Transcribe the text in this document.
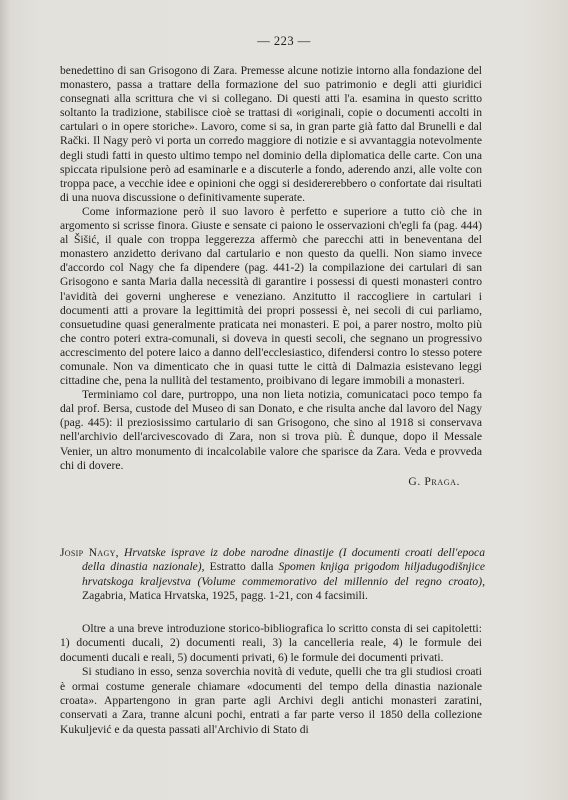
— 223 —

benedettino di san Grisogono di Zara. Premesse alcune notizie intorno alla fondazione del monastero, passa a trattare della formazione del suo patrimonio e degli atti giuridici consegnati alla scrittura che vi si collegano. Di questi atti l'a. esamina in questo scritto soltanto la tradizione, stabilisce cioè se trattasi di «originali, copie o documenti accolti in cartulari o in opere storiche». Lavoro, come si sa, in gran parte già fatto dal Brunelli e dal Rački. Il Nagy però vi porta un corredo maggiore di notizie e si avvantaggia notevolmente degli studi fatti in questo ultimo tempo nel dominio della diplomatica delle carte. Con una spiccata ripulsione però ad esaminarle e a discuterle a fondo, aderendo anzi, alle volte con troppa pace, a vecchie idee e opinioni che oggi si desidererebbero o confortate dai risultati di una nuova discussione o definitivamente superate.

Come informazione però il suo lavoro è perfetto e superiore a tutto ciò che in argomento si scrisse finora. Giuste e sensate ci paiono le osservazioni ch'egli fa (pag. 444) al Šišić, il quale con troppa leggerezza affermò che parecchi atti in beneventana del monastero anzidetto derivano dal cartulario e non questo da quelli. Non siamo invece d'accordo col Nagy che fa dipendere (pag. 441-2) la compilazione dei cartulari di san Grisogono e santa Maria dalla necessità di garantire i possessi di questi monasteri contro l'avidità dei governi ungherese e veneziano. Anzitutto il raccogliere in cartulari i documenti atti a provare la legittimità dei propri possessi è, nei secoli di cui parliamo, consuetudine quasi generalmente praticata nei monasteri. E poi, a parer nostro, molto più che contro poteri extra-comunali, si doveva in questi secoli, che segnano un progressivo accrescimento del potere laico a danno dell'ecclesiastico, difendersi contro lo stesso potere comunale. Non va dimenticato che in quasi tutte le città di Dalmazia esistevano leggi cittadine che, pena la nullità del testamento, proibivano di legare immobili a monasteri.

Terminiamo col dare, purtroppo, una non lieta notizia, comunicataci poco tempo fa dal prof. Bersa, custode del Museo di san Donato, e che risulta anche dal lavoro del Nagy (pag. 445): il preziosissimo cartulario di san Grisogono, che sino al 1918 si conservava nell'archivio dell'arcivescovado di Zara, non si trova più. È dunque, dopo il Messale Venier, un altro monumento di incalcolabile valore che sparisce da Zara. Veda e provveda chi di dovere.

G. Praga.
Josip Nagy, Hrvatske isprave iz dobe narodne dinastije (I documenti croati dell'epoca della dinastia nazionale), Estratto dalla Spomen knjiga prigodom hiljadugodišnjice hrvatskoga kraljevstva (Volume commemorativo del millennio del regno croato), Zagabria, Matica Hrvatska, 1925, pagg. 1-21, con 4 facsimili.

Oltre a una breve introduzione storico-bibliografica lo scritto consta di sei capitoletti: 1) documenti ducali, 2) documenti reali, 3) la cancelleria reale, 4) le formule dei documenti ducali e reali, 5) documenti privati, 6) le formule dei documenti privati.

Si studiano in esso, senza soverchia novità di vedute, quelli che tra gli studiosi croati è ormai costume generale chiamare «documenti del tempo della dinastia nazionale croata». Appartengono in gran parte agli Archivi degli antichi monasteri zaratini, conservati a Zara, tranne alcuni pochi, entrati a far parte verso il 1850 della collezione Kukuljević e da questa passati all'Archivio di Stato di
